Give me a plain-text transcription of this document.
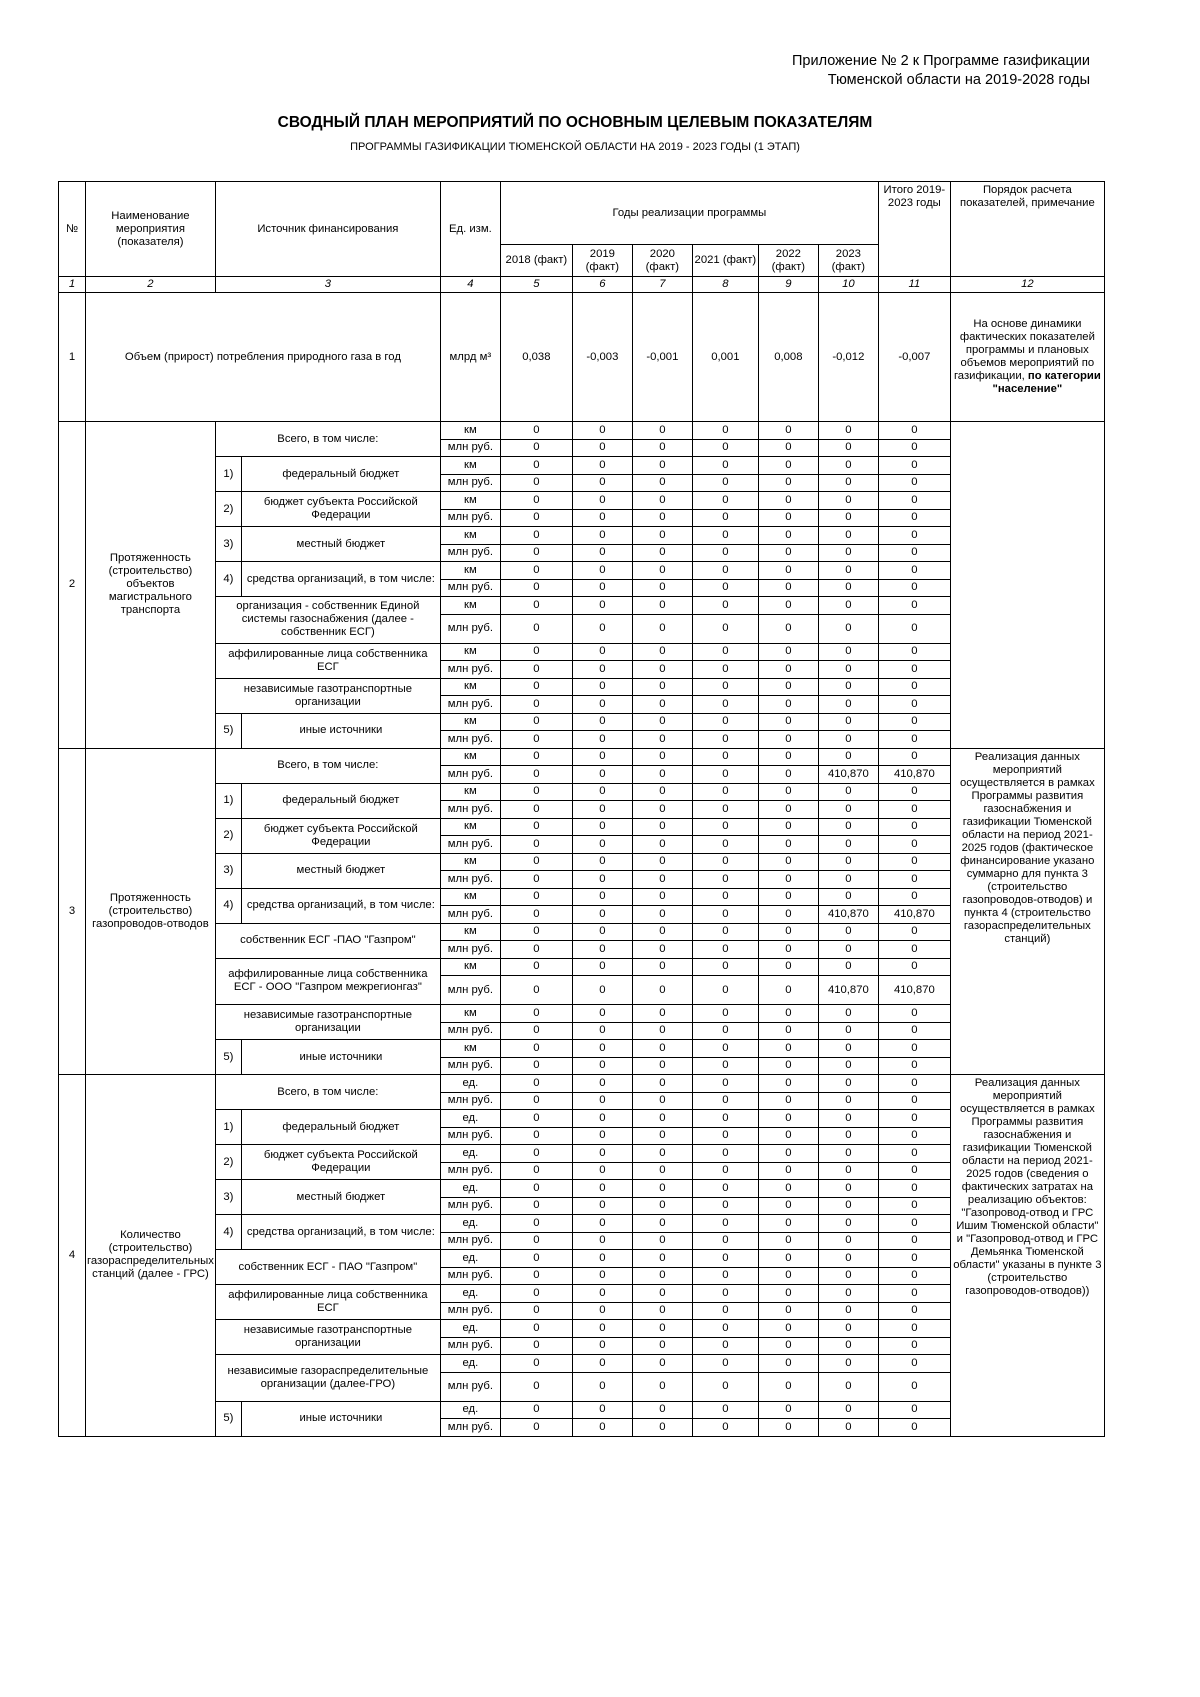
Приложение № 2 к Программе газификации
Тюменской области на 2019-2028 годы
СВОДНЫЙ ПЛАН МЕРОПРИЯТИЙ ПО ОСНОВНЫМ ЦЕЛЕВЫМ ПОКАЗАТЕЛЯМ
ПРОГРАММЫ ГАЗИФИКАЦИИ ТЮМЕНСКОЙ ОБЛАСТИ НА 2019 - 2023 ГОДЫ (1 ЭТАП)
№	Наименование мероприятия (показателя)	Источник финансирования		Ед. изм.	Годы реализации программы						Итого 2019-2023 годы	Порядок расчета показателей, примечание
					2018 (факт)	2019 (факт)	2020 (факт)	2021 (факт)	2022 (факт)	2023 (факт)		
1	2	3		4	5	6	7	8	9	10	11	12
1	Объем (прирост) потребления природного газа в год			млрд м³	0,038	-0,003	-0,001	0,001	0,008	-0,012	-0,007	На основе динамики фактических показателей программы и плановых объемов мероприятий по газификации, по категории "население"
2	Протяженность (строительство) объектов магистрального транспорта	Всего, в том числе:		км	0	0	0	0	0	0	0	
				млн руб.	0	0	0	0	0	0	0	
		1)	федеральный бюджет	км	0	0	0	0	0	0	0	
				млн руб.	0	0	0	0	0	0	0	
		2)	бюджет субъекта Российской Федерации	км	0	0	0	0	0	0	0	
				млн руб.	0	0	0	0	0	0	0	
		3)	местный бюджет	км	0	0	0	0	0	0	0	
				млн руб.	0	0	0	0	0	0	0	
		4)	средства организаций, в том числе:	км	0	0	0	0	0	0	0	
				млн руб.	0	0	0	0	0	0	0	
		организация - собственник Единой системы газоснабжения (далее - собственник ЕСГ)		км	0	0	0	0	0	0	0	
				млн руб.	0	0	0	0	0	0	0	
		аффилированные лица собственника ЕСГ		км	0	0	0	0	0	0	0	
				млн руб.	0	0	0	0	0	0	0	
		независимые газотранспортные организации		км	0	0	0	0	0	0	0	
				млн руб.	0	0	0	0	0	0	0	
		5)	иные источники	км	0	0	0	0	0	0	0	
				млн руб.	0	0	0	0	0	0	0	
3	Протяженность (строительство) газопроводов-отводов	Всего, в том числе:		км	0	0	0	0	0	0	0	Реализация данных мероприятий осуществляется в рамках Программы развития газоснабжения и газификации Тюменской области на период 2021-2025 годов (фактическое финансирование указано суммарно для пункта 3 (строительство газопроводов-отводов) и пункта 4 (строительство газораспределительных станций)
				млн руб.	0	0	0	0	0	410,870	410,870	
		1)	федеральный бюджет	км	0	0	0	0	0	0	0	
				млн руб.	0	0	0	0	0	0	0	
		2)	бюджет субъекта Российской Федерации	км	0	0	0	0	0	0	0	
				млн руб.	0	0	0	0	0	0	0	
		3)	местный бюджет	км	0	0	0	0	0	0	0	
				млн руб.	0	0	0	0	0	0	0	
		4)	средства организаций, в том числе:	км	0	0	0	0	0	0	0	
				млн руб.	0	0	0	0	0	410,870	410,870	
		собственник ЕСГ -ПАО "Газпром"		км	0	0	0	0	0	0	0	
				млн руб.	0	0	0	0	0	0	0	
		аффилированные лица собственника ЕСГ - ООО "Газпром межрегионгаз"		км	0	0	0	0	0	0	0	
				млн руб.	0	0	0	0	0	410,870	410,870	
		независимые газотранспортные организации		км	0	0	0	0	0	0	0	
				млн руб.	0	0	0	0	0	0	0	
		5)	иные источники	км	0	0	0	0	0	0	0	
				млн руб.	0	0	0	0	0	0	0	
4	Количество (строительство) газораспределительных станций (далее - ГРС)	Всего, в том числе:		ед.	0	0	0	0	0	0	0	Реализация данных мероприятий осуществляется в рамках Программы развития газоснабжения и газификации Тюменской области на период 2021-2025 годов (сведения о фактических затратах на реализацию объектов: "Газопровод-отвод и ГРС Ишим Тюменской области" и "Газопровод-отвод и ГРС Демьянка Тюменской области" указаны в пункте 3 (строительство газопроводов-отводов))
				млн руб.	0	0	0	0	0	0	0	
		1)	федеральный бюджет	ед.	0	0	0	0	0	0	0	
				млн руб.	0	0	0	0	0	0	0	
		2)	бюджет субъекта Российской Федерации	ед.	0	0	0	0	0	0	0	
				млн руб.	0	0	0	0	0	0	0	
		3)	местный бюджет	ед.	0	0	0	0	0	0	0	
				млн руб.	0	0	0	0	0	0	0	
		4)	средства организаций, в том числе:	ед.	0	0	0	0	0	0	0	
				млн руб.	0	0	0	0	0	0	0	
		собственник ЕСГ - ПАО "Газпром"		ед.	0	0	0	0	0	0	0	
				млн руб.	0	0	0	0	0	0	0	
		аффилированные лица собственника ЕСГ		ед.	0	0	0	0	0	0	0	
				млн руб.	0	0	0	0	0	0	0	
		независимые газотранспортные организации		ед.	0	0	0	0	0	0	0	
				млн руб.	0	0	0	0	0	0	0	
		независимые газораспределительные организации (далее-ГРО)		ед.	0	0	0	0	0	0	0	
				млн руб.	0	0	0	0	0	0	0	
		5)	иные источники	ед.	0	0	0	0	0	0	0	
				млн руб.	0	0	0	0	0	0	0	
